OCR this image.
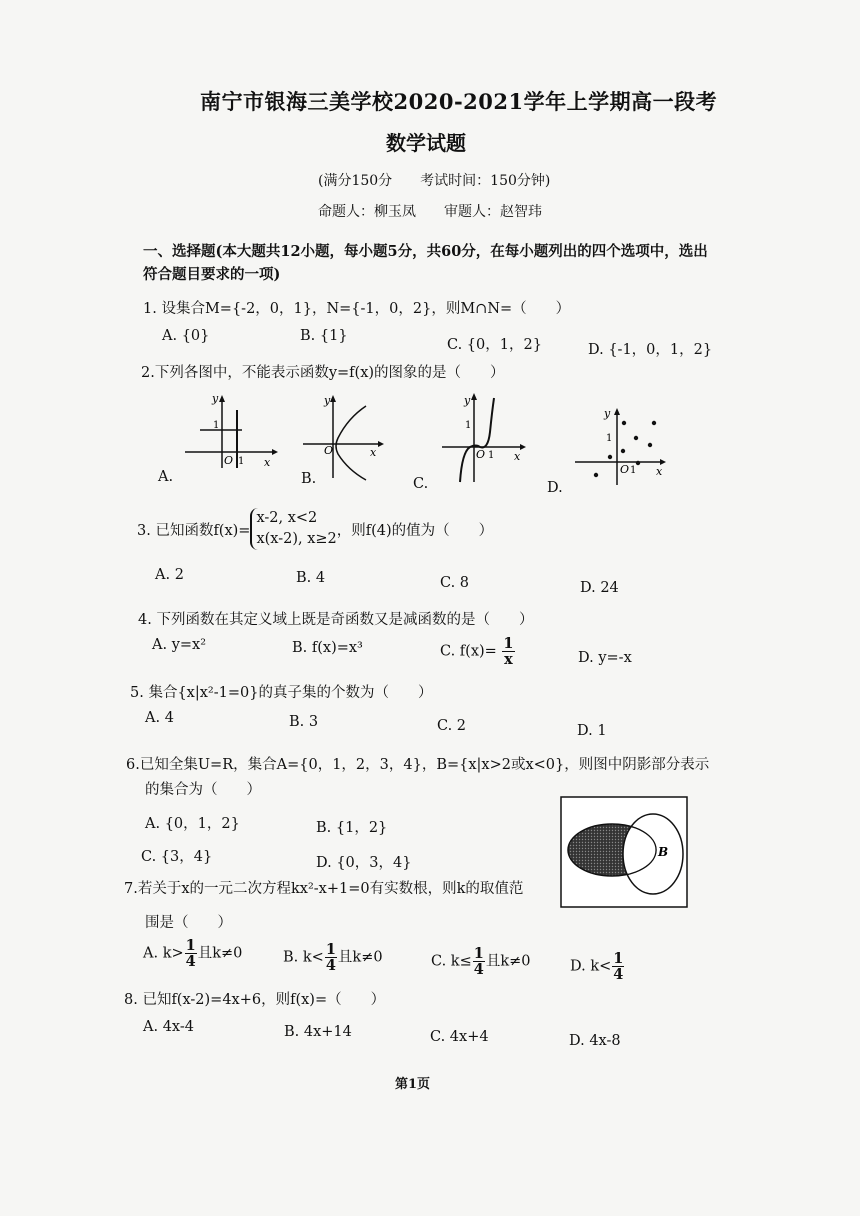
南宁市银海三美学校2020-2021学年上学期高一段考
数学试题
(满分150分　　考试时间：150分钟)
命题人：柳玉凤　　审题人：赵智玮
一、选择题(本大题共12小题，每小题5分，共60分，在每小题列出的四个选项中，选出
符合题目要求的一项)
1. 设集合M={-2，0，1}，N={-1，0，2}，则M∩N=（　　）
A. {0}	B. {1}
C. {0，1，2}	D. {-1，0，1，2}
2.下列各图中，不能表示函数y=f(x)的图象的是（　　）
y
1
O 1 x
A.
y
O	x
B.
y
1
O 1 x
C.
y
1
O 1 x
D.
3. 已知函数f(x)=
x-2, x<2
x(x-2), x≥2
，则f(4)的值为（　　）
A. 2	B. 4	C. 8	D. 24
4. 下列函数在其定义域上既是奇函数又是减函数的是（　　）
A. y=x²	B. f(x)=x³	C. $f(x)= \frac{1}{x}$	D. y=-x
5. 集合{x|x²-1=0}的真子集的个数为（　　）
A. 4	B. 3	C. 2	D. 1
6.已知全集U=R，集合A={0，1，2，3，4}，B={x|x>2或x<0}，则图中阴影部分表示
的集合为（　　）
A. {0，1，2}	B. {1，2}
C. {3，4}	D. {0，3，4}
B
7.若关于x的一元二次方程kx²-x+1=0有实数根，则k的取值范
围是（　　）
A. $k> \frac{1}{4}$ 且k≠0	B. $k< \frac{1}{4}$ 且k≠0	C. $k\le \frac{1}{4}$ 且k≠0	D. $k< \frac{1}{4}$
8. 已知f(x-2)=4x+6，则f(x)=（　　）
A. 4x-4	B. 4x+14	C. 4x+4	D. 4x-8
第1页
